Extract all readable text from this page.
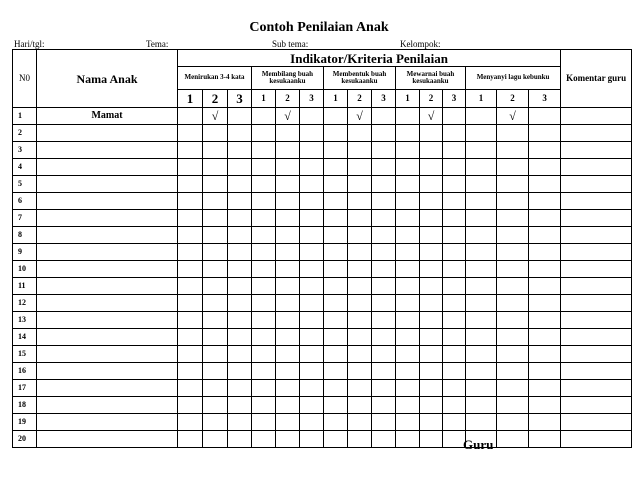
Contoh Penilaian Anak
Hari/tgl:	Tema:	Sub tema:	Kelompok:
N0	Nama Anak	Indikator/Kriteria Penilaian															Komentar guru
		Menirukan 3-4 kata			Membilang buah kesukaanku			Membentuk buah kesukaanku			Mewarnai buah kesukaanku			Menyanyi lagu kebunku			
		1	2	3	1	2	3	1	2	3	1	2	3	1	2	3	
1	Mamat		√			√			√			√			√		
2																	
3																	
4																	
5																	
6																	
7																	
8																	
9																	
10																	
11																	
12																	
13																	
14																	
15																	
16																	
17																	
18																	
19																	
20																		Guru
